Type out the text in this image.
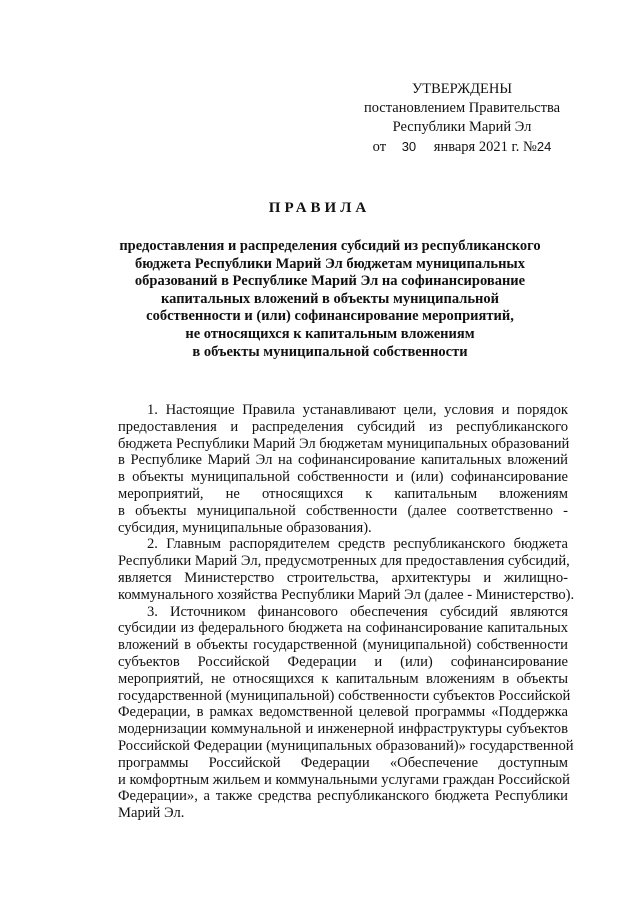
УТВЕРЖДЕНЫ
постановлением Правительства
Республики Марий Эл
от 30 января 2021 г. №24
ПРАВИЛА
предоставления и распределения субсидий из республиканского
бюджета Республики Марий Эл бюджетам муниципальных
образований в Республике Марий Эл на софинансирование
капитальных вложений в объекты муниципальной
собственности и (или) софинансирование мероприятий,
не относящихся к капитальным вложениям
в объекты муниципальной собственности

1. Настоящие Правила устанавливают цели, условия и порядок
предоставления и распределения субсидий из республиканского
бюджета Республики Марий Эл бюджетам муниципальных образований
в Республике Марий Эл на софинансирование капитальных вложений
в объекты муниципальной собственности и (или) софинансирование
мероприятий, не относящихся к капитальным вложениям
в объекты муниципальной собственности (далее соответственно -
субсидия, муниципальные образования).

2. Главным распорядителем средств республиканского бюджета
Республики Марий Эл, предусмотренных для предоставления субсидий,
является Министерство строительства, архитектуры и жилищно-
коммунального хозяйства Республики Марий Эл (далее - Министерство).

3. Источником финансового обеспечения субсидий являются
субсидии из федерального бюджета на софинансирование капитальных
вложений в объекты государственной (муниципальной) собственности
субъектов Российской Федерации и (или) софинансирование
мероприятий, не относящихся к капитальным вложениям в объекты
государственной (муниципальной) собственности субъектов Российской
Федерации, в рамках ведомственной целевой программы «Поддержка
модернизации коммунальной и инженерной инфраструктуры субъектов
Российской Федерации (муниципальных образований)» государственной
программы Российской Федерации «Обеспечение доступным
и комфортным жильем и коммунальными услугами граждан Российской
Федерации», а также средства республиканского бюджета Республики
Марий Эл.
